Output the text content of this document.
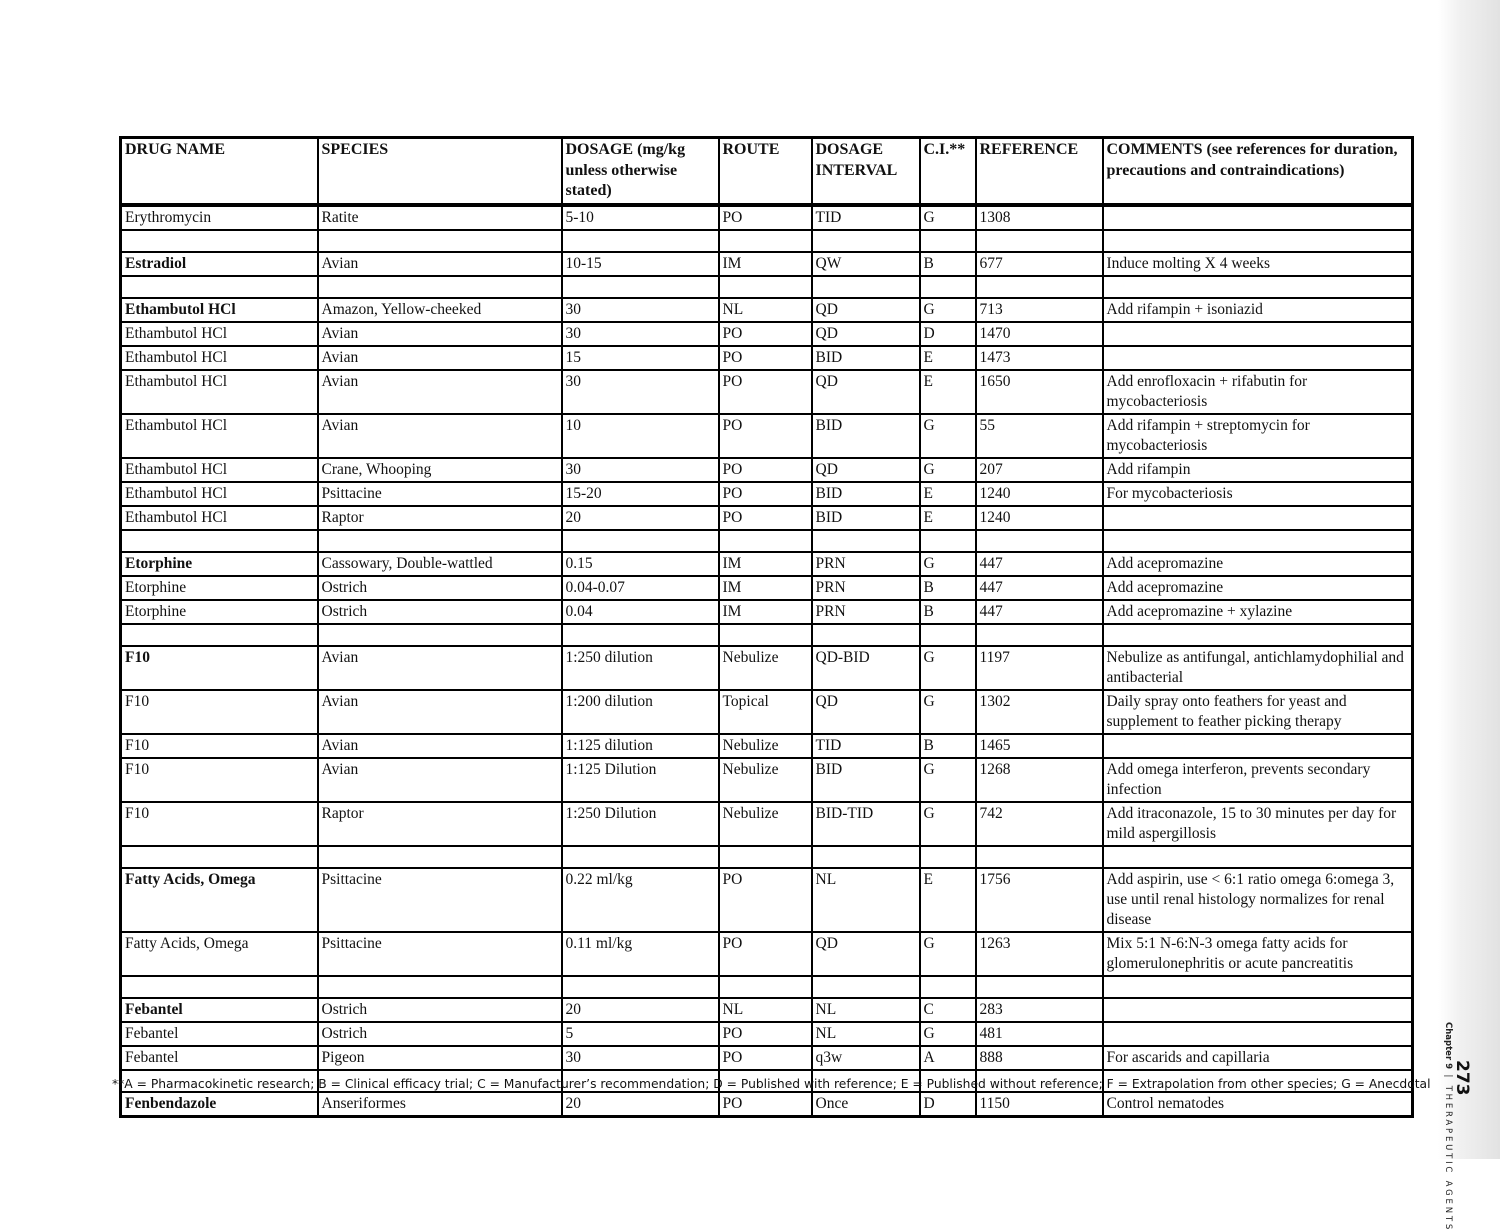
DRUG NAME	SPECIES	DOSAGE (mg/kg unless otherwise stated)	ROUTE	DOSAGE INTERVAL	C.I.**	REFERENCE	COMMENTS (see references for duration, precautions and contraindications)
Erythromycin	Ratite	5-10	PO	TID	G	1308	

Estradiol	Avian	10-15	IM	QW	B	677	Induce molting X 4 weeks

Ethambutol HCl	Amazon, Yellow-cheeked	30	NL	QD	G	713	Add rifampin + isoniazid
Ethambutol HCl	Avian	30	PO	QD	D	1470	
Ethambutol HCl	Avian	15	PO	BID	E	1473	
Ethambutol HCl	Avian	30	PO	QD	E	1650	Add enrofloxacin + rifabutin for mycobacteriosis
Ethambutol HCl	Avian	10	PO	BID	G	55	Add rifampin + streptomycin for mycobacteriosis
Ethambutol HCl	Crane, Whooping	30	PO	QD	G	207	Add rifampin
Ethambutol HCl	Psittacine	15-20	PO	BID	E	1240	For mycobacteriosis
Ethambutol HCl	Raptor	20	PO	BID	E	1240	

Etorphine	Cassowary, Double-wattled	0.15	IM	PRN	G	447	Add acepromazine
Etorphine	Ostrich	0.04-0.07	IM	PRN	B	447	Add acepromazine
Etorphine	Ostrich	0.04	IM	PRN	B	447	Add acepromazine + xylazine

F10	Avian	1:250 dilution	Nebulize	QD-BID	G	1197	Nebulize as antifungal, antichlamydophilial and antibacterial
F10	Avian	1:200 dilution	Topical	QD	G	1302	Daily spray onto feathers for yeast and supplement to feather picking therapy
F10	Avian	1:125 dilution	Nebulize	TID	B	1465	
F10	Avian	1:125 Dilution	Nebulize	BID	G	1268	Add omega interferon, prevents secondary infection
F10	Raptor	1:250 Dilution	Nebulize	BID-TID	G	742	Add itraconazole, 15 to 30 minutes per day for mild aspergillosis

Fatty Acids, Omega	Psittacine	0.22 ml/kg	PO	NL	E	1756	Add aspirin, use < 6:1 ratio omega 6:omega 3, use until renal histology normalizes for renal disease
Fatty Acids, Omega	Psittacine	0.11 ml/kg	PO	QD	G	1263	Mix 5:1 N-6:N-3 omega fatty acids for glomerulonephritis or acute pancreatitis

Febantel	Ostrich	20	NL	NL	C	283	
Febantel	Ostrich	5	PO	NL	G	481	
Febantel	Pigeon	30	PO	q3w	A	888	For ascarids and capillaria

Fenbendazole	Anseriformes	20	PO	Once	D	1150	Control nematodes
**A = Pharmacokinetic research; B = Clinical efficacy trial; C = Manufacturer’s recommendation; D = Published with reference; E = Published without reference; F = Extrapolation from other species; G = Anecdotal
Chapter 9 | THERAPEUTIC AGENTS
273
